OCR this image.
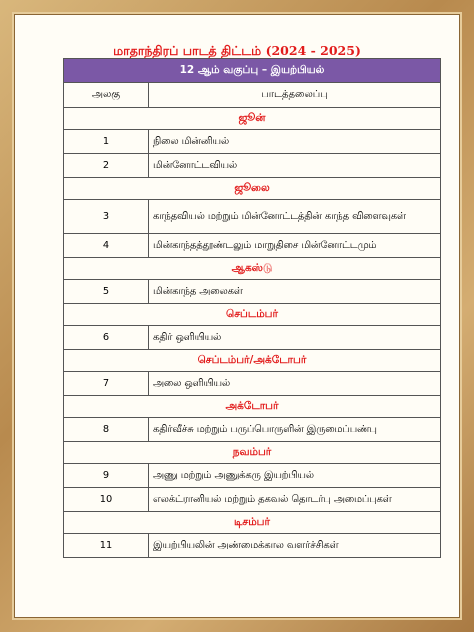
மாதாந்திரப் பாடத் திட்டம் (2024 - 2025)
12 ஆம் வகுப்பு – இயற்பியல்	
அலகு	பாடத்தலைப்பு
ஜூன்	
1	நிலை மின்னியல்
2	மின்னோட்டவியல்
ஜூலை	
3	காந்தவியல் மற்றும் மின்னோட்டத்தின் காந்த விளைவுகள்
4	மின்காந்தத்தூண்டலும் மாறுதிசை மின்னோட்டமும்
ஆகஸ்டு	
5	மின்காந்த அலைகள்
செப்டம்பர்	
6	கதிர் ஒளியியல்
செப்டம்பர்/அக்டோபர்	
7	அலை ஒளியியல்
அக்டோபர்	
8	கதிர்வீச்சு மற்றும் பருப்பொருளின் இருமைப்பண்பு
நவம்பர்	
9	அணு மற்றும் அணுக்கரு இயற்பியல்
10	எலக்ட்ரானியல் மற்றும் தகவல் தொடர்பு அமைப்புகள்
டிசம்பர்	
11	இயற்பியலின் அண்மைக்கால வளர்ச்சிகள்
